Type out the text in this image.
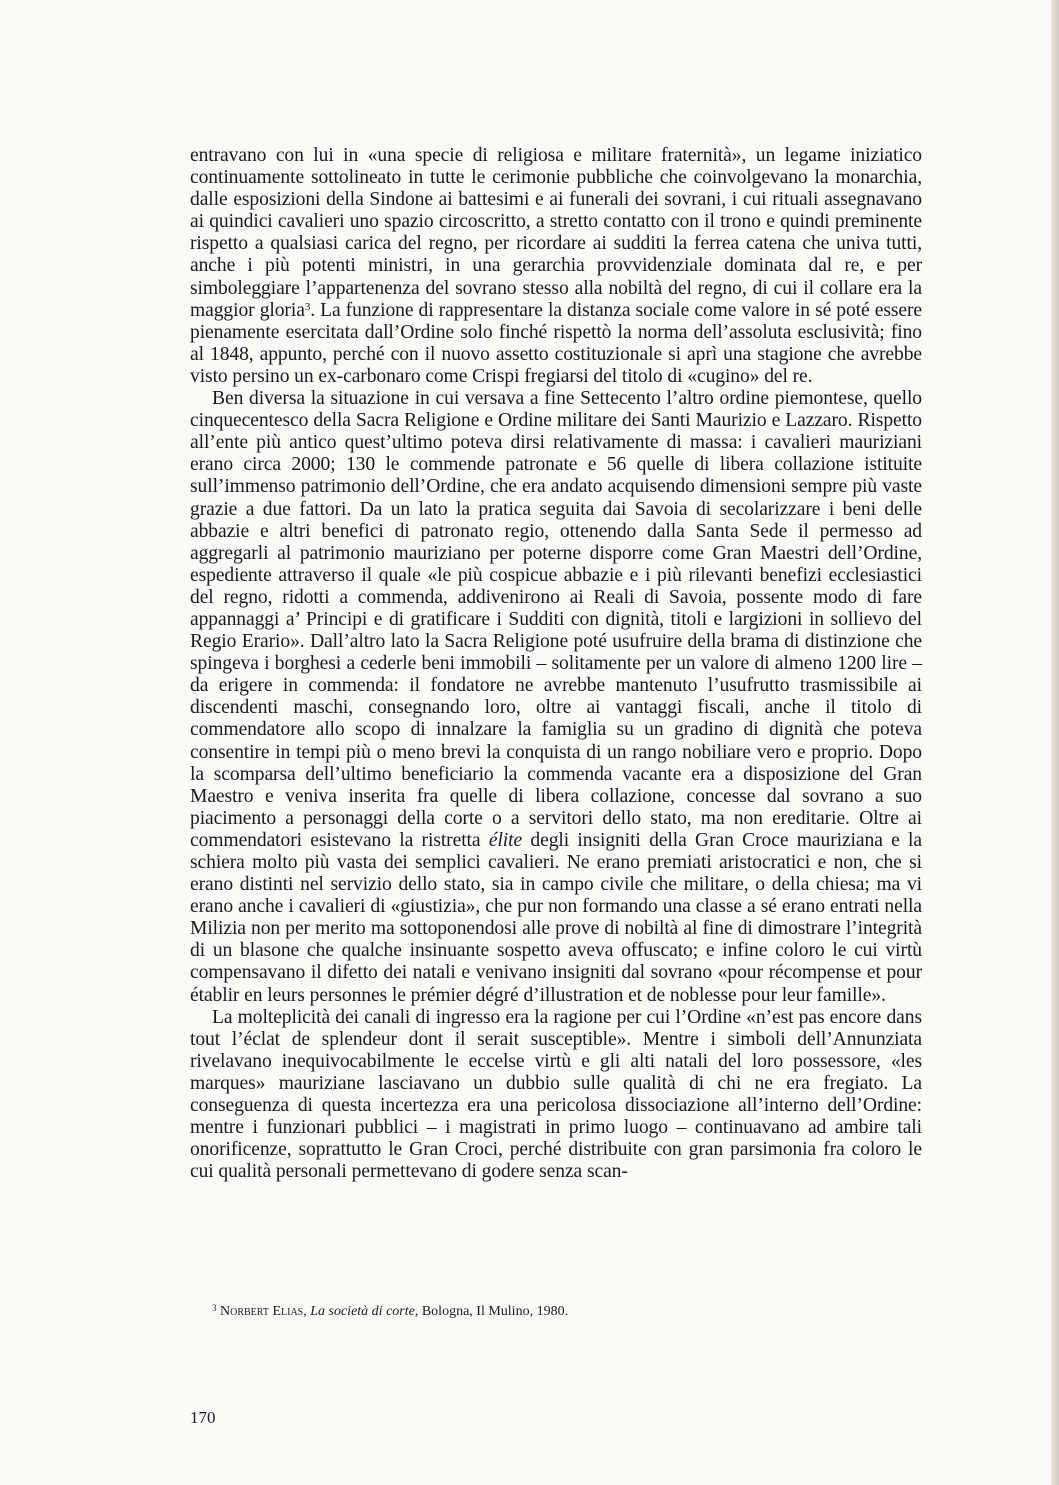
entravano con lui in «una specie di religiosa e militare fraternità», un legame iniziatico continuamente sottolineato in tutte le cerimonie pubbliche che coinvolgevano la monarchia, dalle esposizioni della Sindone ai battesimi e ai funerali dei sovrani, i cui rituali assegnavano ai quindici cavalieri uno spazio circoscritto, a stretto contatto con il trono e quindi preminente rispetto a qualsiasi carica del regno, per ricordare ai sudditi la ferrea catena che univa tutti, anche i più potenti ministri, in una gerarchia provvidenziale dominata dal re, e per simboleggiare l’appartenenza del sovrano stesso alla nobiltà del regno, di cui il collare era la maggior gloria$^3$. La funzione di rappresentare la distanza sociale come valore in sé poté essere pienamente esercitata dall’Ordine solo finché rispettò la norma dell’assoluta esclusività; fino al 1848, appunto, perché con il nuovo assetto costituzionale si aprì una stagione che avrebbe visto persino un ex-carbonaro come Crispi fregiarsi del titolo di «cugino» del re.

Ben diversa la situazione in cui versava a fine Settecento l’altro ordine piemontese, quello cinquecentesco della Sacra Religione e Ordine militare dei Santi Maurizio e Lazzaro. Rispetto all’ente più antico quest’ultimo poteva dirsi relativamente di massa: i cavalieri mauriziani erano circa 2000; 130 le commende patronate e 56 quelle di libera collazione istituite sull’immenso patrimonio dell’Ordine, che era andato acquisendo dimensioni sempre più vaste grazie a due fattori. Da un lato la pratica seguita dai Savoia di secolarizzare i beni delle abbazie e altri benefici di patronato regio, ottenendo dalla Santa Sede il permesso ad aggregarli al patrimonio mauriziano per poterne disporre come Gran Maestri dell’Ordine, espediente attraverso il quale «le più cospicue abbazie e i più rilevanti benefizi ecclesiastici del regno, ridotti a commenda, addivenirono ai Reali di Savoia, possente modo di fare appannaggi a’ Principi e di gratificare i Sudditi con dignità, titoli e largizioni in sollievo del Regio Erario». Dall’altro lato la Sacra Religione poté usufruire della brama di distinzione che spingeva i borghesi a cederle beni immobili – solitamente per un valore di almeno 1200 lire – da erigere in commenda: il fondatore ne avrebbe mantenuto l’usufrutto trasmissibile ai discendenti maschi, consegnando loro, oltre ai vantaggi fiscali, anche il titolo di commendatore allo scopo di innalzare la famiglia su un gradino di dignità che poteva consentire in tempi più o meno brevi la conquista di un rango nobiliare vero e proprio. Dopo la scomparsa dell’ultimo beneficiario la commenda vacante era a disposizione del Gran Maestro e veniva inserita fra quelle di libera collazione, concesse dal sovrano a suo piacimento a personaggi della corte o a servitori dello stato, ma non ereditarie. Oltre ai commendatori esistevano la ristretta élite degli insigniti della Gran Croce mauriziana e la schiera molto più vasta dei semplici cavalieri. Ne erano premiati aristocratici e non, che si erano distinti nel servizio dello stato, sia in campo civile che militare, o della chiesa; ma vi erano anche i cavalieri di «giustizia», che pur non formando una classe a sé erano entrati nella Milizia non per merito ma sottoponendosi alle prove di nobiltà al fine di dimostrare l’integrità di un blasone che qualche insinuante sospetto aveva offuscato; e infine coloro le cui virtù compensavano il difetto dei natali e venivano insigniti dal sovrano «pour récompense et pour établir en leurs personnes le prémier dégré d’illustration et de noblesse pour leur famille».

La molteplicità dei canali di ingresso era la ragione per cui l’Ordine «n’est pas encore dans tout l’éclat de splendeur dont il serait susceptible». Mentre i simboli dell’Annunziata rivelavano inequivocabilmente le eccelse virtù e gli alti natali del loro possessore, «les marques» mauriziane lasciavano un dubbio sulle qualità di chi ne era fregiato. La conseguenza di questa incertezza era una pericolosa dissociazione all’interno dell’Ordine: mentre i funzionari pubblici – i magistrati in primo luogo – continuavano ad ambire tali onorificenze, soprattutto le Gran Croci, perché distribuite con gran parsimonia fra coloro le cui qualità personali permettevano di godere senza scan-

$^3$ Norbert Elias, La società di corte, Bologna, Il Mulino, 1980.
170
